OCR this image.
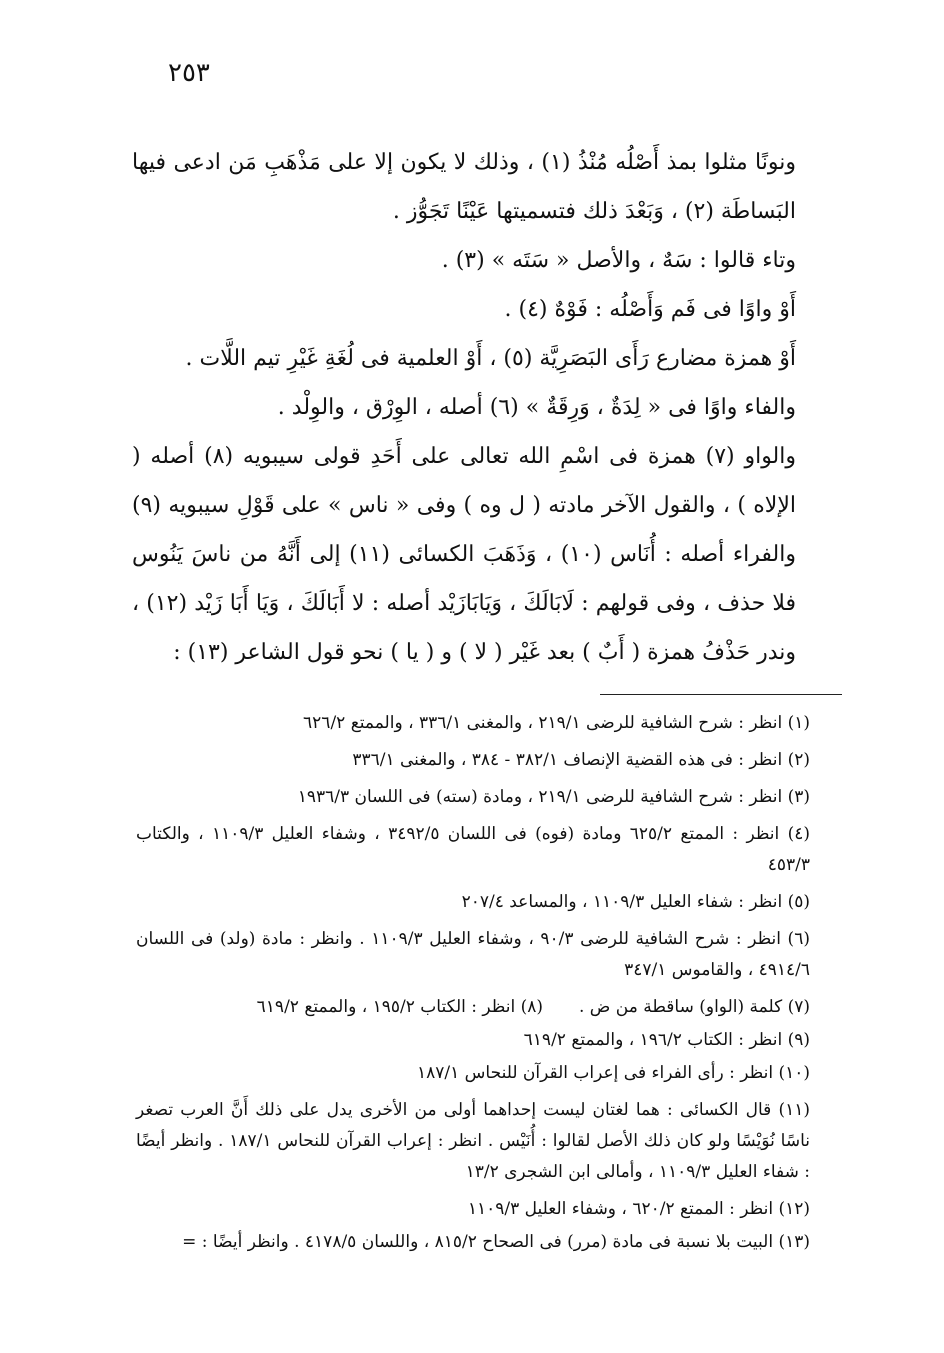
٢٥٣

ونونًا مثلوا بمذ أَصْلُه مُنْذُ (١) ، وذلك لا يكون إلا على مَذْهَبِ مَن ادعى فيها البَساطَة (٢) ، وَبَعْدَ ذلك فتسميتها عَيْنًا تَجَوُّز .

وتاء قالوا : سَهٌ ، والأصل « سَتَه » (٣) .

أَوْ واوًا فى فَم وَأَصْلُه : فَوْهٌ (٤) .

أَوْ همزة مضارع رَأَى البَصَرِيَّة (٥) ، أَوْ العلمية فى لُغَةِ غَيْرِ تيم اللَّات .

والفاء واوًا فى « لِدَةٌ ، وَرِقَةٌ » (٦) أصله ، الوِرْق ، والوِلْد .

والواو (٧) همزة فى اسْمِ الله تعالى على أَحَدِ قولى سيبويه (٨) أصله ( الإلاه ) ، والقول الآخر مادته ( ل وه ) وفى « ناس » على قَوْلِ سيبويه (٩) والفراء أصله : أُنَاس (١٠) ، وَذَهَبَ الكسائى (١١) إلى أَنَّهُ من ناسَ يَنُوس فلا حذف ، وفى قولهم : لَابَالَكَ ، وَيَابَازَيْد أصله : لا أَبَالَكَ ، وَيَا أَبَا زَيْد (١٢) ، وندر حَذْفُ همزة ( أَبٌ ) بعد غَيْر ( لا ) و ( يا ) نحو قول الشاعر (١٣) :

(١) انظر : شرح الشافية للرضى ٢١٩/١ ، والمغنى ٣٣٦/١ ، والممتع ٦٢٦/٢

(٢) انظر : فى هذه القضية الإنصاف ٣٨٢/١ - ٣٨٤ ، والمغنى ٣٣٦/١

(٣) انظر : شرح الشافية للرضى ٢١٩/١ ، ومادة (سته) فى اللسان ١٩٣٦/٣

(٤) انظر : الممتع ٦٢٥/٢ ومادة (فوه) فى اللسان ٣٤٩٢/٥ ، وشفاء العليل ١١٠٩/٣ ، والكتاب ٤٥٣/٣

(٥) انظر : شفاء العليل ١١٠٩/٣ ، والمساعد ٢٠٧/٤

(٦) انظر : شرح الشافية للرضى ٩٠/٣ ، وشفاء العليل ١١٠٩/٣ . وانظر : مادة (ولد) فى اللسان ٤٩١٤/٦ ، والقاموس ٣٤٧/١

(٧) كلمة (الواو) ساقطة من ض .(٨) انظر : الكتاب ١٩٥/٢ ، والممتع ٦١٩/٢

(٩) انظر : الكتاب ١٩٦/٢ ، والممتع ٦١٩/٢

(١٠) انظر : رأى الفراء فى إعراب القرآن للنحاس ١٨٧/١

(١١) قال الكسائى : هما لغتان ليست إحداهما أولى من الأخرى يدل على ذلك أَنَّ العرب تصغر ناسًا نُوَيْسًا ولو كان ذلك الأصل لقالوا : أُنَيْس . انظر : إعراب القرآن للنحاس ١٨٧/١ . وانظر أيضًا : شفاء العليل ١١٠٩/٣ ، وأمالى ابن الشجرى ١٣/٢

(١٢) انظر : الممتع ٦٢٠/٢ ، وشفاء العليل ١١٠٩/٣

(١٣) البيت بلا نسبة فى مادة (مرر) فى الصحاح ٨١٥/٢ ، واللسان ٤١٧٨/٥ . وانظر أيضًا : =
